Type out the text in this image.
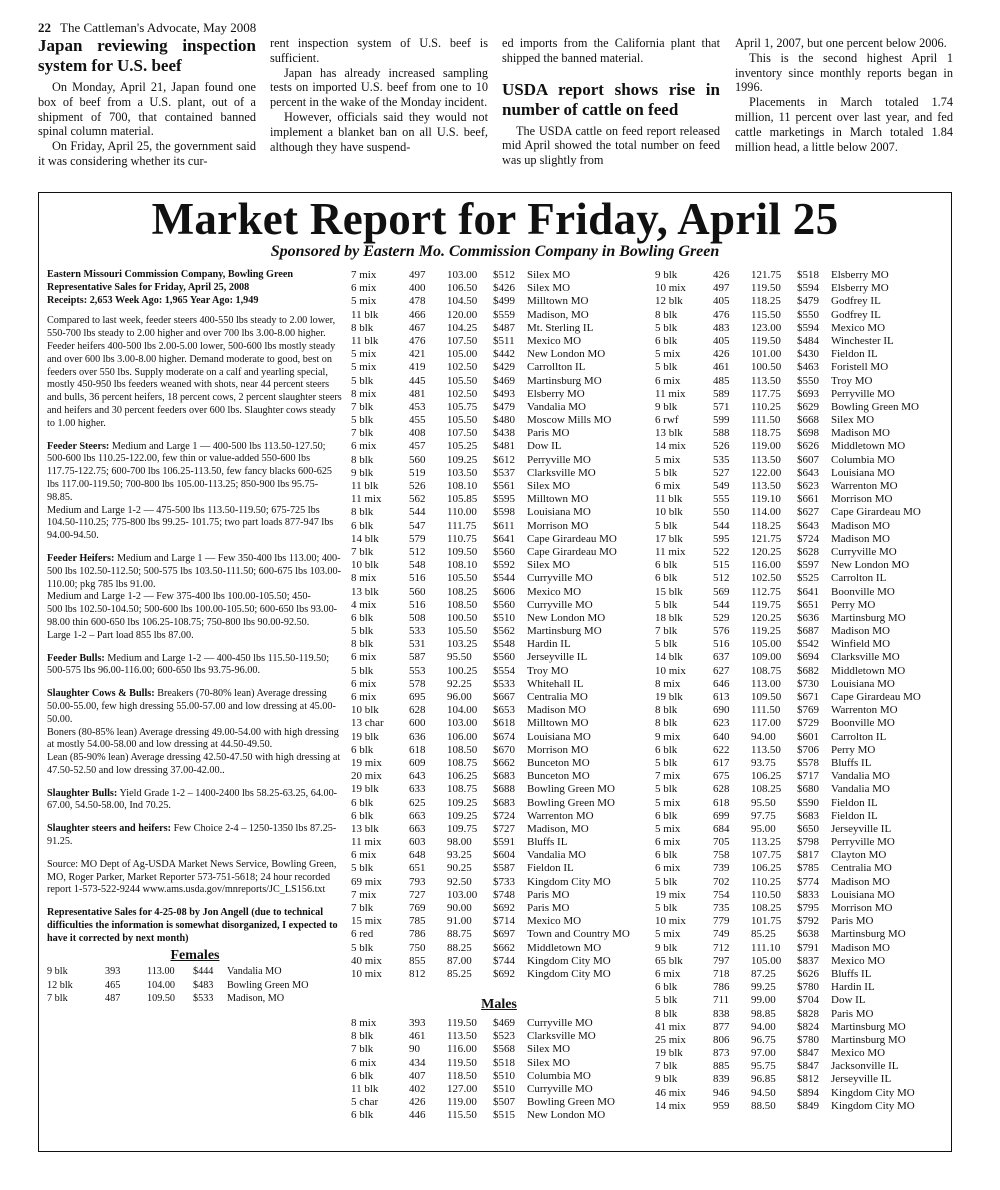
22 The Cattleman's Advocate, May 2008
Japan reviewing inspection system for U.S. beef

On Monday, April 21, Japan found one box of beef from a U.S. plant, out of a shipment of 700, that contained banned spinal column material.

On Friday, April 25, the government said it was considering whether its cur-

rent inspection system of U.S. beef is sufficient.

Japan has already increased sampling tests on imported U.S. beef from one to 10 percent in the wake of the Monday incident.

However, officials said they would not implement a blanket ban on all U.S. beef, although they have suspend-

ed imports from the California plant that shipped the banned material.

USDA report shows rise in number of cattle on feed

The USDA cattle on feed report released mid April showed the total number on feed was up slightly from

April 1, 2007, but one percent below 2006.

This is the second highest April 1 inventory since monthly reports began in 1996.

Placements in March totaled 1.74 million, 11 percent over last year, and fed cattle marketings in March totaled 1.84 million head, a little below 2007.

Market Report for Friday, April 25
Sponsored by Eastern Mo. Commission Company in Bowling Green

Eastern Missouri Commission Company, Bowling Green
Representative Sales for Friday, April 25, 2008
Receipts: 2,653 Week Ago: 1,965 Year Ago: 1,949

Compared to last week, feeder steers 400-550 lbs steady to 2.00 lower, 550-700 lbs steady to 2.00 higher and over 700 lbs 3.00-8.00 higher. Feeder heifers 400-500 lbs 2.00-5.00 lower, 500-600 lbs mostly steady and over 600 lbs 3.00-8.00 higher. Demand moderate to good, best on feeders over 550 lbs. Supply moderate on a calf and yearling special, mostly 450-950 lbs feeders weaned with shots, near 44 percent steers and bulls, 36 percent heifers, 18 percent cows, 2 percent slaughter steers and heifers and 30 percent feeders over 600 lbs. Slaughter cows steady to 1.00 higher.

Feeder Steers: Medium and Large 1 — 400-500 lbs 113.50-127.50; 500-600 lbs 110.25-122.00, few thin or value-added 550-600 lbs 117.75-122.75; 600-700 lbs 106.25-113.50, few fancy blacks 600-625 lbs 117.00-119.50; 700-800 lbs 105.00-113.25; 850-900 lbs 95.75-98.85.

Medium and Large 1-2 — 475-500 lbs 113.50-119.50; 675-725 lbs 104.50-110.25; 775-800 lbs 99.25- 101.75; two part loads 877-947 lbs 94.00-94.50.

Feeder Heifers: Medium and Large 1 — Few 350-400 lbs 113.00; 400-500 lbs 102.50-112.50; 500-575 lbs 103.50-111.50; 600-675 lbs 103.00-110.00; pkg 785 lbs 91.00.

Medium and Large 1-2 — Few 375-400 lbs 100.00-105.50; 450-

500 lbs 102.50-104.50; 500-600 lbs 100.00-105.50; 600-650 lbs 93.00-98.00 thin 600-650 lbs 106.25-108.75; 750-800 lbs 90.00-92.50.

Large 1-2 – Part load 855 lbs 87.00.

Feeder Bulls: Medium and Large 1-2 — 400-450 lbs 115.50-119.50; 500-575 lbs 96.00-116.00; 600-650 lbs 93.75-96.00.

Slaughter Cows & Bulls: Breakers (70-80% lean) Average dressing 50.00-55.00, few high dressing 55.00-57.00 and low dressing at 45.00-50.00.

Boners (80-85% lean) Average dressing 49.00-54.00 with high dressing at mostly 54.00-58.00 and low dressing at 44.50-49.50.

Lean (85-90% lean) Average dressing 42.50-47.50 with high dressing at 47.50-52.50 and low dressing 37.00-42.00..

Slaughter Bulls: Yield Grade 1-2 – 1400-2400 lbs 58.25-63.25, 64.00-67.00, 54.50-58.00, Ind 70.25.

Slaughter steers and heifers: Few Choice 2-4 – 1250-1350 lbs 87.25-91.25.

Source: MO Dept of Ag-USDA Market News Service, Bowling Green, MO, Roger Parker, Market Reporter 573-751-5618; 24 hour recorded report 1-573-522-9244 www.ams.usda.gov/mnreports/JC_LS156.txt

Representative Sales for 4-25-08 by Jon Angell (due to technical difficulties the information is somewhat disorganized, I expected to have it corrected by next month)

Females
9 blk	393	113.00	$444	Vandalia MO
12 blk	465	104.00	$483	Bowling Green MO
7 blk	487	109.50	$533	Madison, MO
7 mix	497	103.00	$512	Silex MO
6 mix	400	106.50	$426	Silex MO
5 mix	478	104.50	$499	Milltown MO
11 blk	466	120.00	$559	Madison, MO
8 blk	467	104.25	$487	Mt. Sterling IL
11 blk	476	107.50	$511	Mexico MO
5 mix	421	105.00	$442	New London MO
5 mix	419	102.50	$429	Carrollton IL
5 blk	445	105.50	$469	Martinsburg MO
8 mix	481	102.50	$493	Elsberry MO
7 blk	453	105.75	$479	Vandalia MO
5 blk	455	105.50	$480	Moscow Mills MO
7 blk	408	107.50	$438	Paris MO
6 mix	457	105.25	$481	Dow IL
8 blk	560	109.25	$612	Perryville MO
9 blk	519	103.50	$537	Clarksville MO
11 blk	526	108.10	$561	Silex MO
11 mix	562	105.85	$595	Milltown MO
8 blk	544	110.00	$598	Louisiana MO
6 blk	547	111.75	$611	Morrison MO
14 blk	579	110.75	$641	Cape Girardeau MO
7 blk	512	109.50	$560	Cape Girardeau MO
10 blk	548	108.10	$592	Silex MO
8 mix	516	105.50	$544	Curryville MO
13 blk	560	108.25	$606	Mexico MO
4 mix	516	108.50	$560	Curryville MO
6 blk	508	100.50	$510	New London MO
5 blk	533	105.50	$562	Martinsburg MO
8 blk	531	103.25	$548	Hardin IL
6 mix	587	95.50	$560	Jerseyville IL
5 blk	553	100.25	$554	Troy MO
6 mix	578	92.25	$533	Whitehall IL
6 mix	695	96.00	$667	Centralia MO
10 blk	628	104.00	$653	Madison MO
13 char	600	103.00	$618	Milltown MO
19 blk	636	106.00	$674	Louisiana MO
6 blk	618	108.50	$670	Morrison MO
19 mix	609	108.75	$662	Bunceton MO
20 mix	643	106.25	$683	Bunceton MO
19 blk	633	108.75	$688	Bowling Green MO
6 blk	625	109.25	$683	Bowling Green MO
6 blk	663	109.25	$724	Warrenton MO
13 blk	663	109.75	$727	Madison, MO
11 mix	603	98.00	$591	Bluffs IL
6 mix	648	93.25	$604	Vandalia MO
5 blk	651	90.25	$587	Fieldon IL
69 mix	793	92.50	$733	Kingdom City MO
7 mix	727	103.00	$748	Paris MO
7 blk	769	90.00	$692	Paris MO
15 mix	785	91.00	$714	Mexico MO
6 red	786	88.75	$697	Town and Country MO
5 blk	750	88.25	$662	Middletown MO
40 mix	855	87.00	$744	Kingdom City MO
10 mix	812	85.25	$692	Kingdom City MO
Males
8 mix	393	119.50	$469	Curryville MO
8 blk	461	113.50	$523	Clarksville MO
7 blk	90	116.00	$568	Silex MO
6 mix	434	119.50	$518	Silex MO
6 blk	407	118.50	$510	Columbia MO
11 blk	402	127.00	$510	Curryville MO
5 char	426	119.00	$507	Bowling Green MO
6 blk	446	115.50	$515	New London MO
9 blk	426	121.75	$518	Elsberry MO
10 mix	497	119.50	$594	Elsberry MO
12 blk	405	118.25	$479	Godfrey IL
8 blk	476	115.50	$550	Godfrey IL
5 blk	483	123.00	$594	Mexico MO
6 blk	405	119.50	$484	Winchester IL
5 mix	426	101.00	$430	Fieldon IL
5 blk	461	100.50	$463	Foristell MO
6 mix	485	113.50	$550	Troy MO
11 mix	589	117.75	$693	Perryville MO
9 blk	571	110.25	$629	Bowling Green MO
6 rwf	599	111.50	$668	Silex MO
13 blk	588	118.75	$698	Madison MO
14 mix	526	119.00	$626	Middletown MO
5 mix	535	113.50	$607	Columbia MO
5 blk	527	122.00	$643	Louisiana MO
6 mix	549	113.50	$623	Warrenton MO
11 blk	555	119.10	$661	Morrison MO
10 blk	550	114.00	$627	Cape Girardeau MO
5 blk	544	118.25	$643	Madison MO
17 blk	595	121.75	$724	Madison MO
11 mix	522	120.25	$628	Curryville MO
6 blk	515	116.00	$597	New London MO
6 blk	512	102.50	$525	Carrolton IL
15 blk	569	112.75	$641	Boonville MO
5 blk	544	119.75	$651	Perry MO
18 blk	529	120.25	$636	Martinsburg MO
7 blk	576	119.25	$687	Madison MO
5 blk	516	105.00	$542	Winfield MO
14 blk	637	109.00	$694	Clarksville MO
10 mix	627	108.75	$682	Middletown MO
8 mix	646	113.00	$730	Louisiana MO
19 blk	613	109.50	$671	Cape Girardeau MO
8 blk	690	111.50	$769	Warrenton MO
8 blk	623	117.00	$729	Boonville MO
9 mix	640	94.00	$601	Carrolton IL
6 blk	622	113.50	$706	Perry MO
5 blk	617	93.75	$578	Bluffs IL
7 mix	675	106.25	$717	Vandalia MO
5 blk	628	108.25	$680	Vandalia MO
5 mix	618	95.50	$590	Fieldon IL
6 blk	699	97.75	$683	Fieldon IL
5 mix	684	95.00	$650	Jerseyville IL
6 mix	705	113.25	$798	Perryville MO
6 blk	758	107.75	$817	Clayton MO
6 mix	739	106.25	$785	Centralia MO
5 blk	702	110.25	$774	Madison MO
19 mix	754	110.50	$833	Louisiana MO
5 blk	735	108.25	$795	Morrison MO
10 mix	779	101.75	$792	Paris MO
5 mix	749	85.25	$638	Martinsburg MO
9 blk	712	111.10	$791	Madison MO
65 blk	797	105.00	$837	Mexico MO
6 mix	718	87.25	$626	Bluffs IL
6 blk	786	99.25	$780	Hardin IL
5 blk	711	99.00	$704	Dow IL
8 blk	838	98.85	$828	Paris MO
41 mix	877	94.00	$824	Martinsburg MO
25 mix	806	96.75	$780	Martinsburg MO
19 blk	873	97.00	$847	Mexico MO
7 blk	885	95.75	$847	Jacksonville IL
9 blk	839	96.85	$812	Jerseyville IL
46 mix	946	94.50	$894	Kingdom City MO
14 mix	959	88.50	$849	Kingdom City MO
